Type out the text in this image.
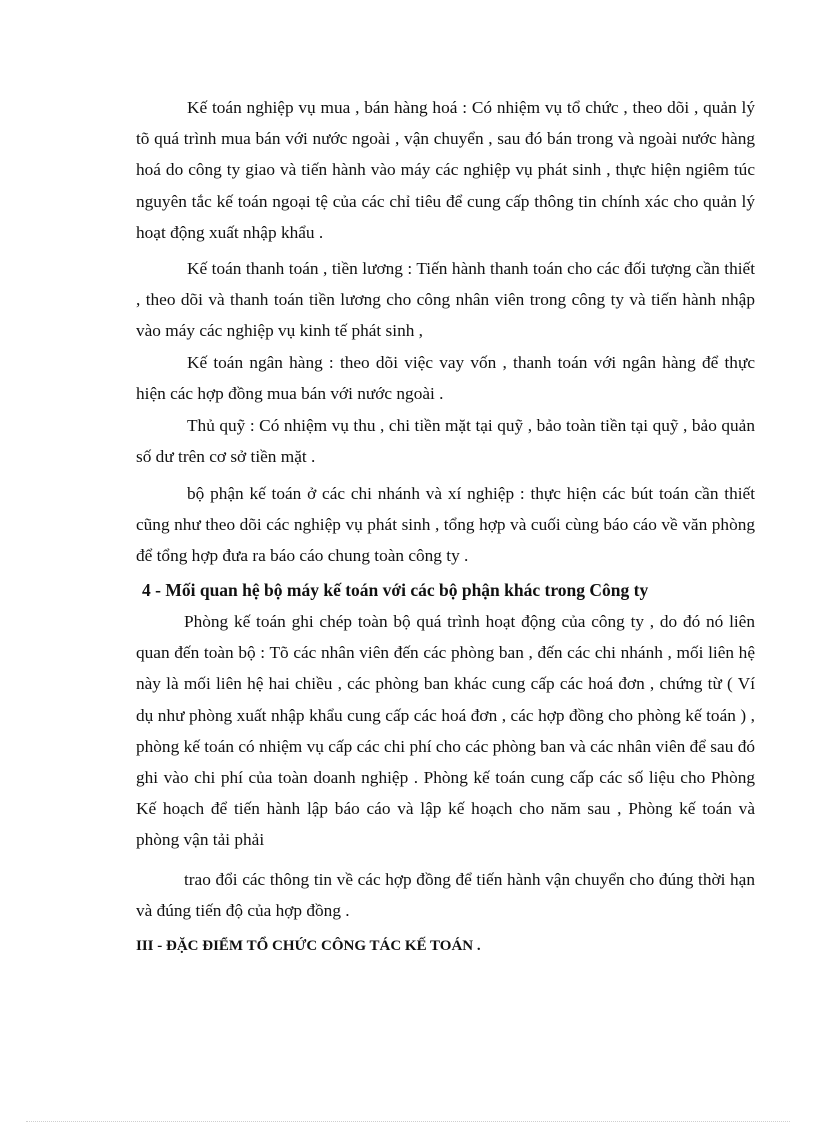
Kế toán nghiệp vụ mua , bán hàng hoá : Có nhiệm vụ tổ chức , theo dõi , quản lý tõ quá trình mua bán với nước ngoài , vận chuyển , sau đó bán trong và ngoài nước hàng hoá do công ty giao và tiến hành vào máy các nghiệp vụ phát sinh , thực hiện ngiêm túc nguyên tắc kế toán ngoại tệ của các chỉ tiêu để cung cấp thông tin chính xác cho quản lý hoạt động xuất nhập khẩu .

Kế toán thanh toán , tiền lương : Tiến hành thanh toán cho các đối tượng cần thiết , theo dõi và thanh toán tiền lương cho công nhân viên trong công ty và tiến hành nhập vào máy các nghiệp vụ kinh tế phát sinh ,

Kế toán ngân hàng : theo dõi việc vay vốn , thanh toán với ngân hàng để thực hiện các hợp đồng mua bán với nước ngoài .

Thủ quỹ : Có nhiệm vụ thu , chi tiền mặt tại quỹ , bảo toàn tiền tại quỹ , bảo quản số dư trên cơ sở tiền mặt .

bộ phận kế toán ở các chi nhánh và xí nghiệp : thực hiện các bút toán cần thiết cũng như theo dõi các nghiệp vụ phát sinh , tổng hợp và cuối cùng báo cáo về văn phòng để tổng hợp đưa ra báo cáo chung toàn công ty .

4 - Mối quan hệ bộ máy kế toán với các bộ phận khác trong Công ty

Phòng kế toán ghi chép toàn bộ quá trình hoạt động của công ty , do đó nó liên quan đến toàn bộ : Tõ các nhân viên đến các phòng ban , đến các chi nhánh , mối liên hệ này là mối liên hệ hai chiều , các phòng ban khác cung cấp các hoá đơn , chứng từ ( Ví dụ như phòng xuất nhập khẩu cung cấp các hoá đơn , các hợp đồng cho phòng kế toán ) , phòng kế toán có nhiệm vụ cấp các chi phí cho các phòng ban và các nhân viên để sau đó ghi vào chi phí của toàn doanh nghiệp . Phòng kế toán cung cấp các số liệu cho Phòng Kế hoạch để tiến hành lập báo cáo và lập kế hoạch cho năm sau , Phòng kế toán và phòng vận tải phải

trao đổi các thông tin về các hợp đồng để tiến hành vận chuyển cho đúng thời hạn và đúng tiến độ của hợp đồng .

III - ĐẶC ĐIỂM TỔ CHỨC CÔNG TÁC KẾ TOÁN .
